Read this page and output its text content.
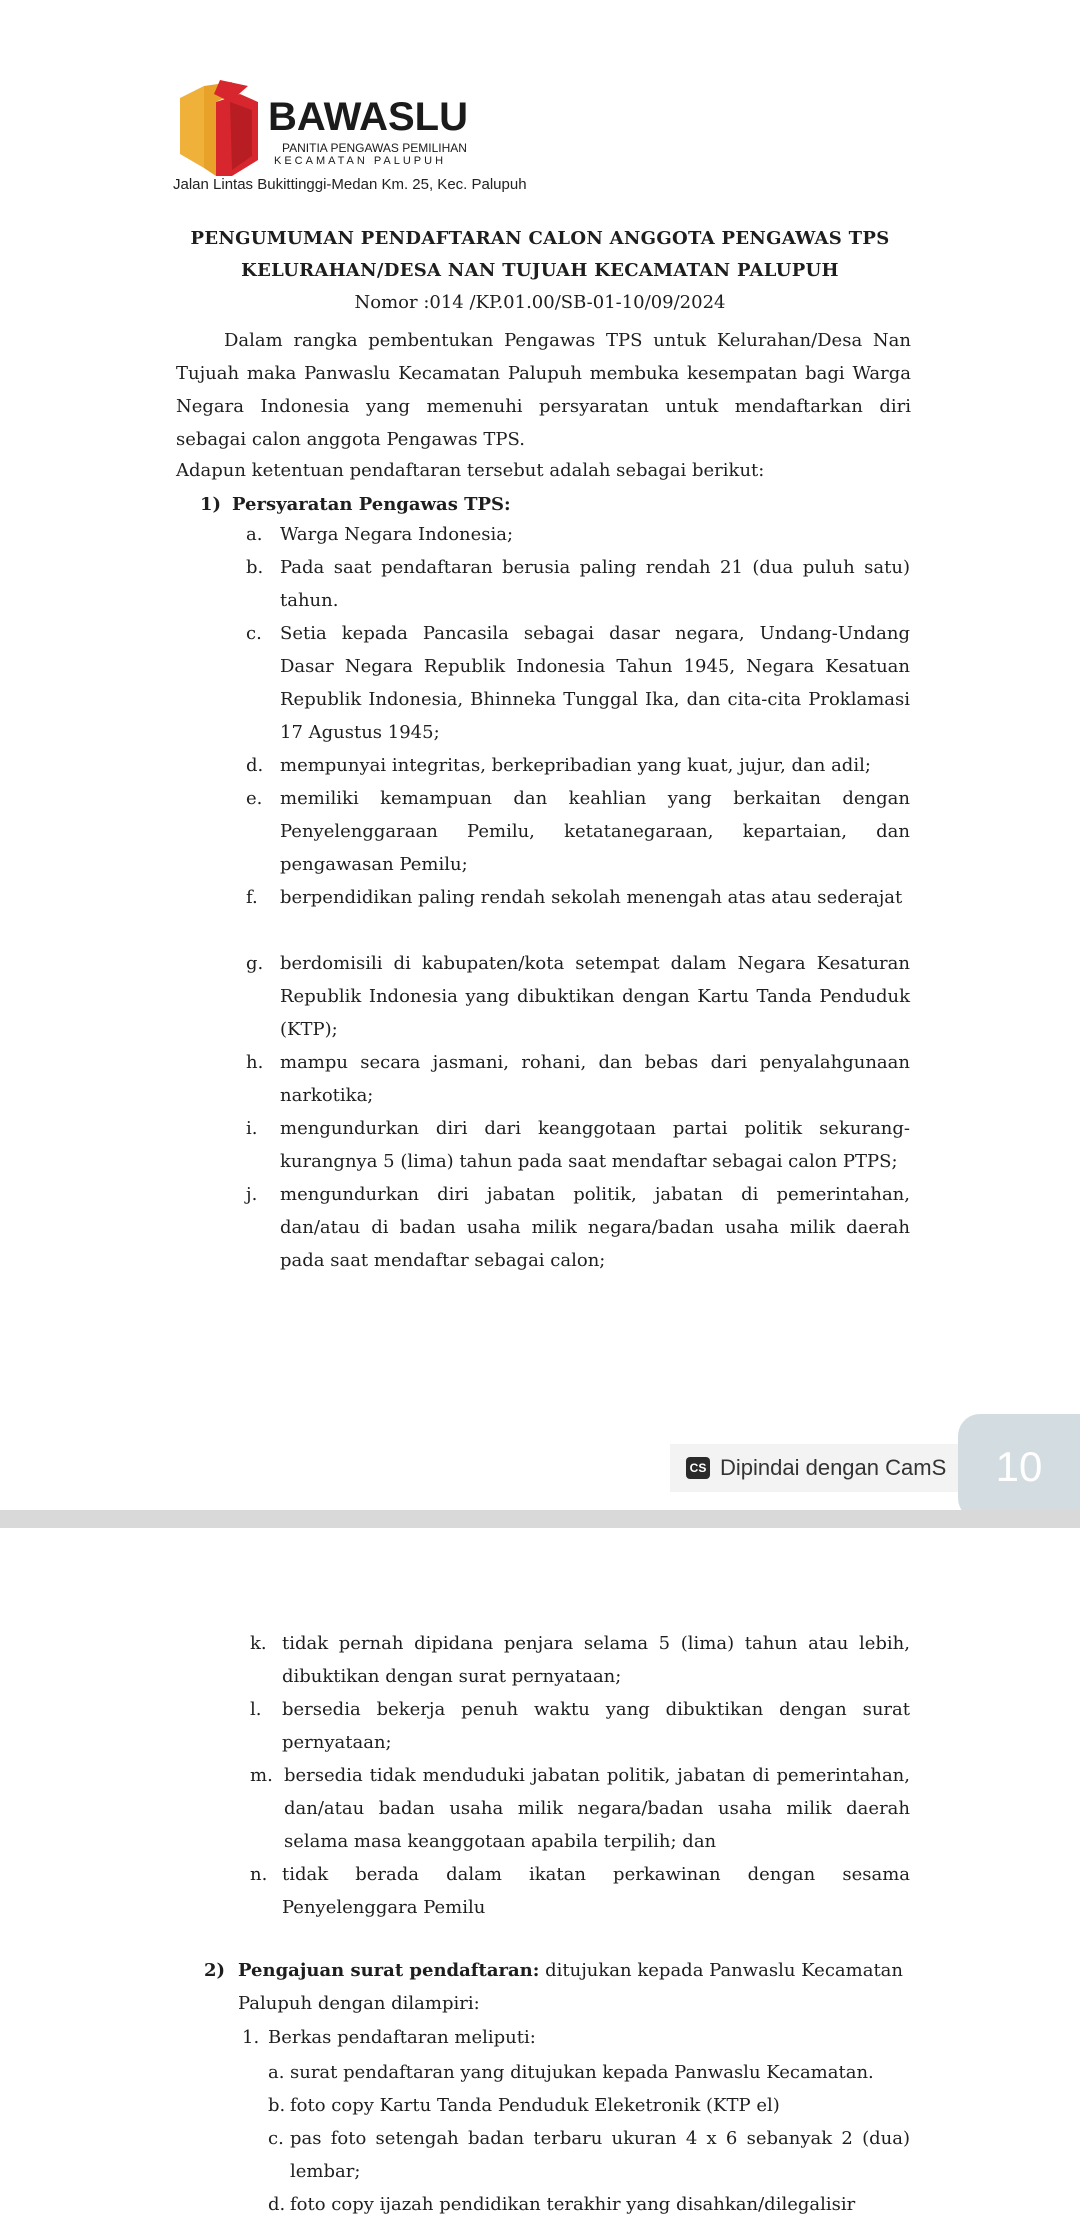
BAWASLU
PANITIA PENGAWAS PEMILIHAN
KECAMATAN PALUPUH
Jalan Lintas Bukittinggi-Medan Km. 25, Kec. Palupuh
PENGUMUMAN PENDAFTARAN CALON ANGGOTA PENGAWAS TPS
KELURAHAN/DESA NAN TUJUAH KECAMATAN PALUPUH
Nomor :014 /KP.01.00/SB-01-10/09/2024
Dalam rangka pembentukan Pengawas TPS untuk Kelurahan/Desa Nan Tujuah maka Panwaslu Kecamatan Palupuh membuka kesempatan bagi Warga Negara Indonesia yang memenuhi persyaratan untuk mendaftarkan diri sebagai calon anggota Pengawas TPS.
Adapun ketentuan pendaftaran tersebut adalah sebagai berikut:
1) Persyaratan Pengawas TPS:
a. Warga Negara Indonesia;
b. Pada saat pendaftaran berusia paling rendah 21 (dua puluh satu) tahun.
c. Setia kepada Pancasila sebagai dasar negara, Undang-Undang Dasar Negara Republik Indonesia Tahun 1945, Negara Kesatuan Republik Indonesia, Bhinneka Tunggal Ika, dan cita-cita Proklamasi 17 Agustus 1945;
d. mempunyai integritas, berkepribadian yang kuat, jujur, dan adil;
e. memiliki kemampuan dan keahlian yang berkaitan dengan Penyelenggaraan Pemilu, ketatanegaraan, kepartaian, dan pengawasan Pemilu;
f. berpendidikan paling rendah sekolah menengah atas atau sederajat
g. berdomisili di kabupaten/kota setempat dalam Negara Kesaturan Republik Indonesia yang dibuktikan dengan Kartu Tanda Penduduk (KTP);
h. mampu secara jasmani, rohani, dan bebas dari penyalahgunaan narkotika;
i. mengundurkan diri dari keanggotaan partai politik sekurang-kurangnya 5 (lima) tahun pada saat mendaftar sebagai calon PTPS;
j. mengundurkan diri jabatan politik, jabatan di pemerintahan, dan/atau di badan usaha milik negara/badan usaha milik daerah pada saat mendaftar sebagai calon;
CS Dipindai dengan CamS	10
k. tidak pernah dipidana penjara selama 5 (lima) tahun atau lebih, dibuktikan dengan surat pernyataan;
l. bersedia bekerja penuh waktu yang dibuktikan dengan surat pernyataan;
m. bersedia tidak menduduki jabatan politik, jabatan di pemerintahan, dan/atau badan usaha milik negara/badan usaha milik daerah selama masa keanggotaan apabila terpilih; dan
n. tidak berada dalam ikatan perkawinan dengan sesama Penyelenggara Pemilu
2) Pengajuan surat pendaftaran: ditujukan kepada Panwaslu Kecamatan
Palupuh dengan dilampiri:
1. Berkas pendaftaran meliputi:
a. surat pendaftaran yang ditujukan kepada Panwaslu Kecamatan.
b. foto copy Kartu Tanda Penduduk Eleketronik (KTP el)
c. pas foto setengah badan terbaru ukuran 4 x 6 sebanyak 2 (dua) lembar;
d. foto copy ijazah pendidikan terakhir yang disahkan/dilegalisir
